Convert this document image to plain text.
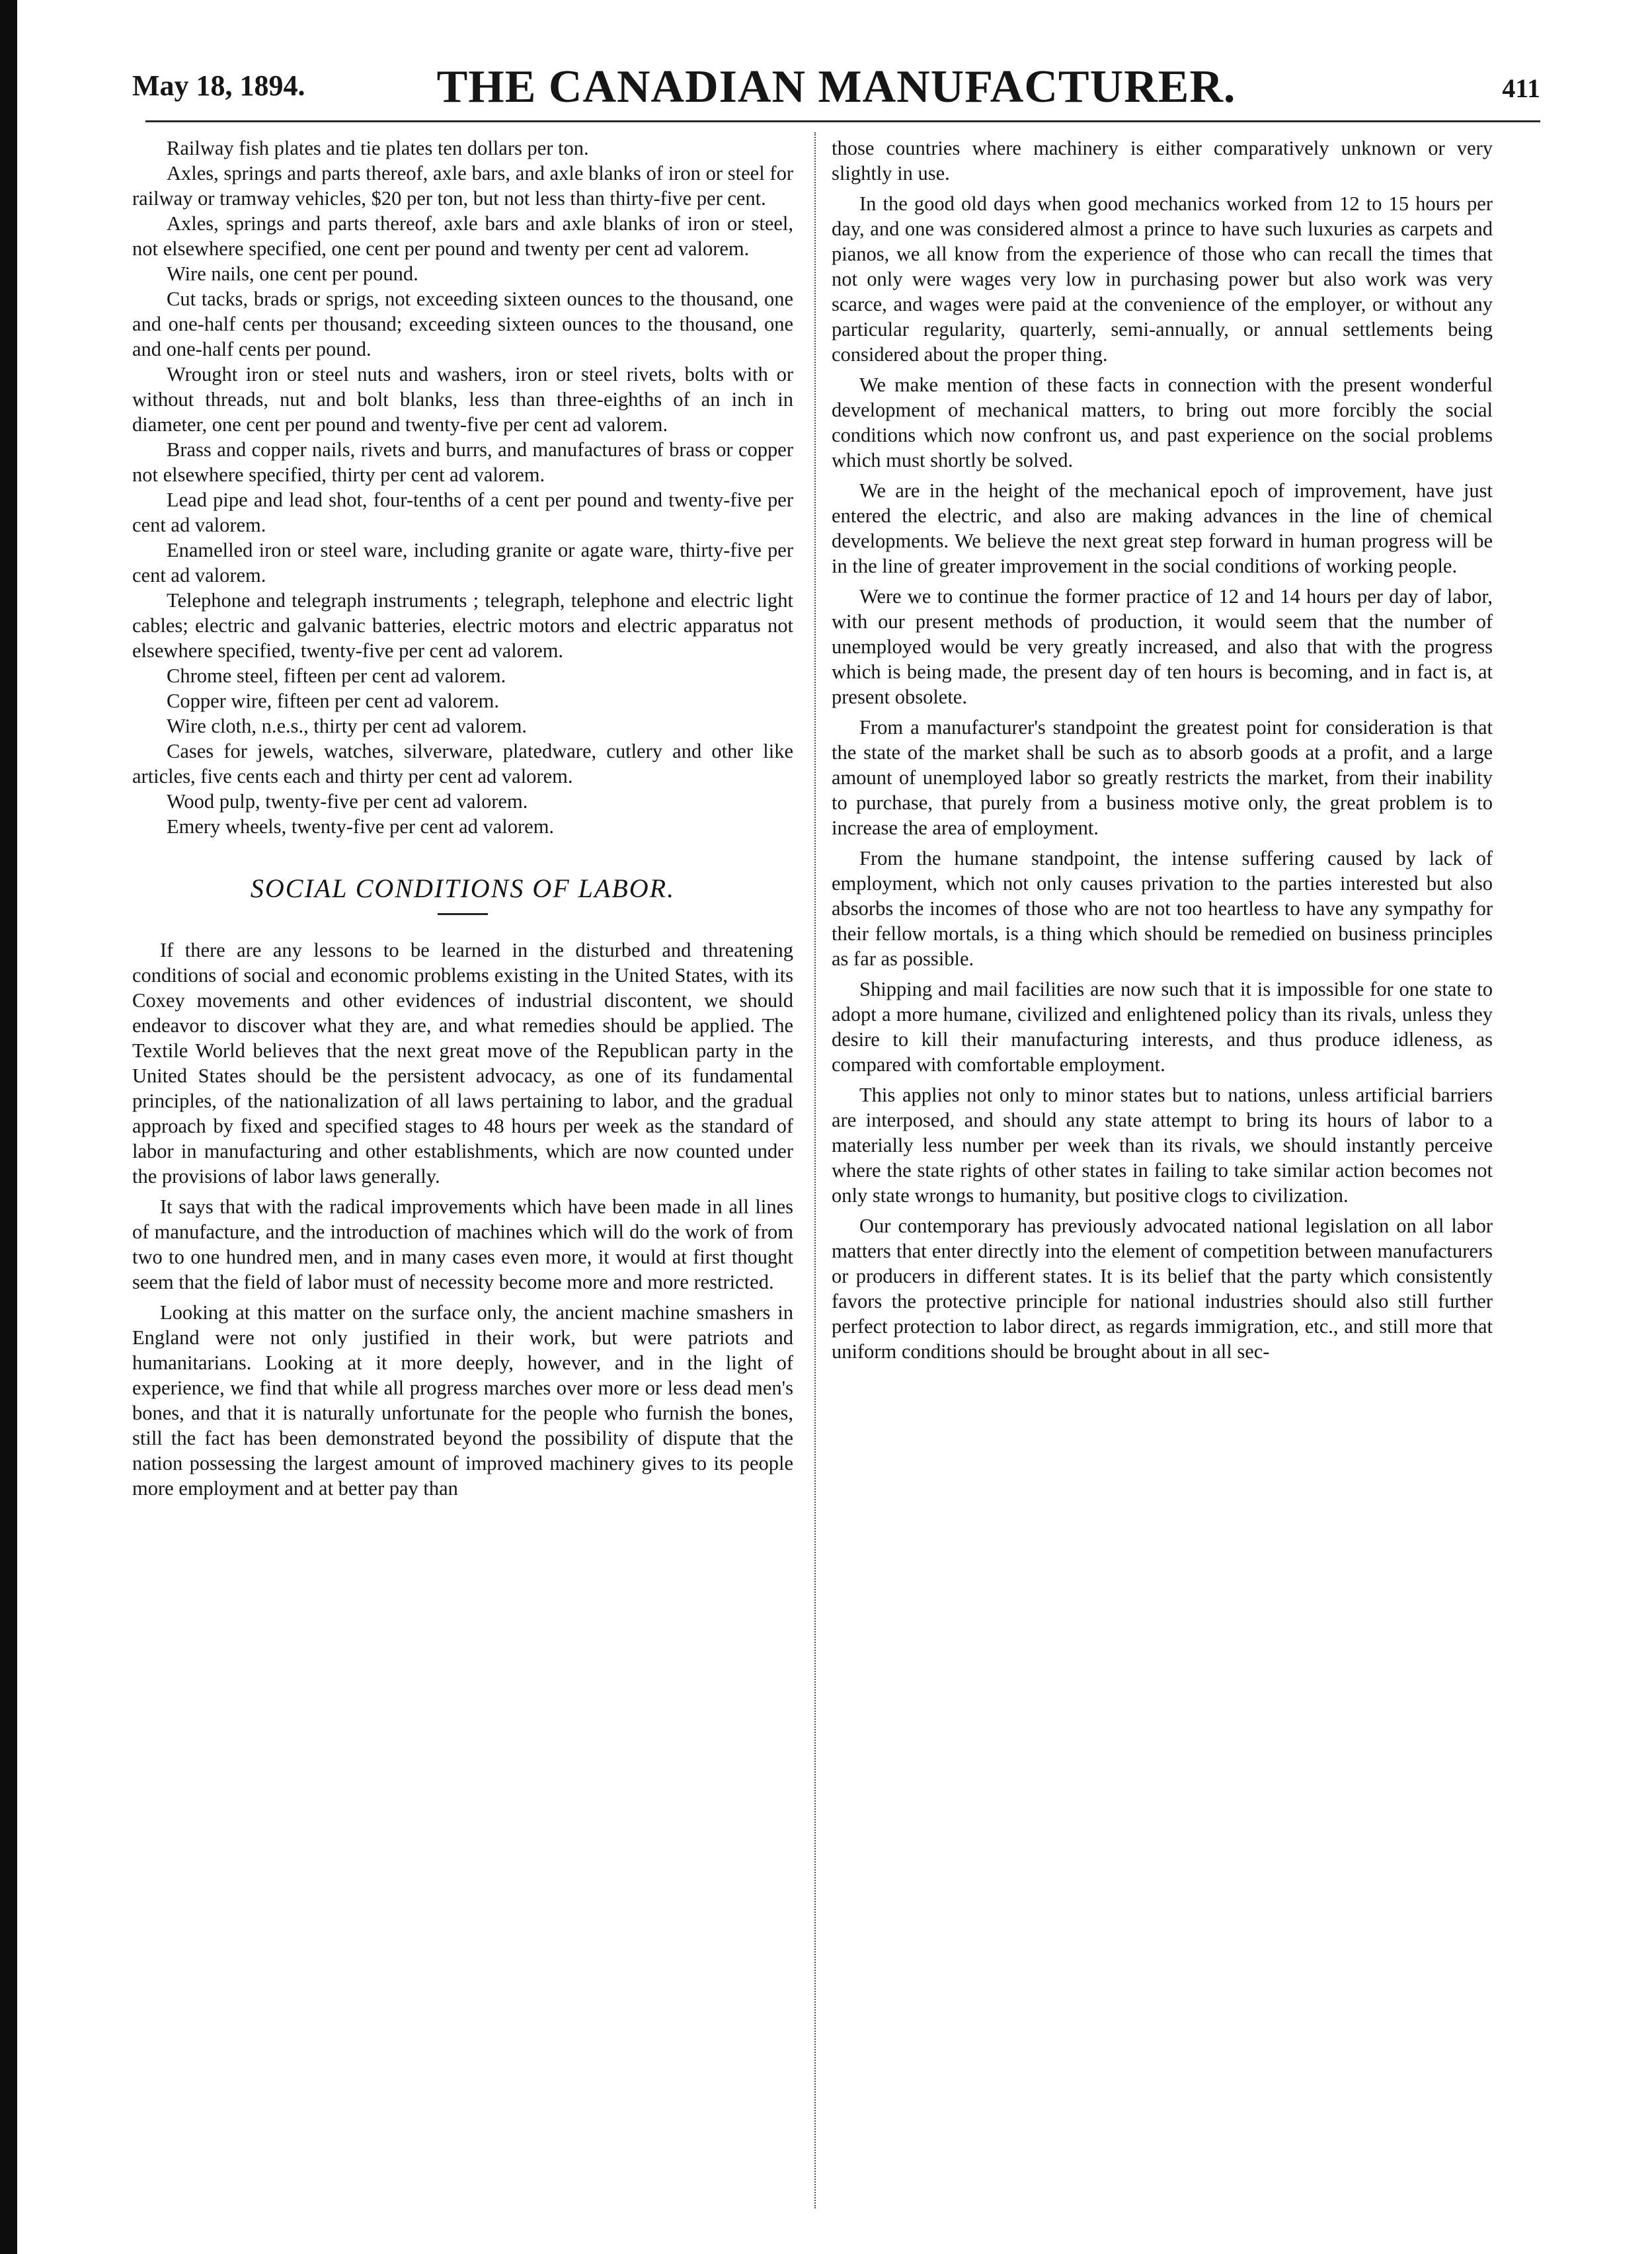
May 18, 1894.	THE CANADIAN MANUFACTURER.	411

Railway fish plates and tie plates ten dollars per ton.

Axles, springs and parts thereof, axle bars, and axle blanks of iron or steel for railway or tramway vehicles, $20 per ton, but not less than thirty-five per cent.

Axles, springs and parts thereof, axle bars and axle blanks of iron or steel, not elsewhere specified, one cent per pound and twenty per cent ad valorem.

Wire nails, one cent per pound.

Cut tacks, brads or sprigs, not exceeding sixteen ounces to the thousand, one and one-half cents per thousand; exceeding sixteen ounces to the thousand, one and one-half cents per pound.

Wrought iron or steel nuts and washers, iron or steel rivets, bolts with or without threads, nut and bolt blanks, less than three-eighths of an inch in diameter, one cent per pound and twenty-five per cent ad valorem.

Brass and copper nails, rivets and burrs, and manufactures of brass or copper not elsewhere specified, thirty per cent ad valorem.

Lead pipe and lead shot, four-tenths of a cent per pound and twenty-five per cent ad valorem.

Enamelled iron or steel ware, including granite or agate ware, thirty-five per cent ad valorem.

Telephone and telegraph instruments ; telegraph, telephone and electric light cables; electric and galvanic batteries, electric motors and electric apparatus not elsewhere specified, twenty-five per cent ad valorem.

Chrome steel, fifteen per cent ad valorem.

Copper wire, fifteen per cent ad valorem.

Wire cloth, n.e.s., thirty per cent ad valorem.

Cases for jewels, watches, silverware, platedware, cutlery and other like articles, five cents each and thirty per cent ad valorem.

Wood pulp, twenty-five per cent ad valorem.

Emery wheels, twenty-five per cent ad valorem.

SOCIAL CONDITIONS OF LABOR.

If there are any lessons to be learned in the disturbed and threatening conditions of social and economic problems existing in the United States, with its Coxey movements and other evidences of industrial discontent, we should endeavor to discover what they are, and what remedies should be applied. The Textile World believes that the next great move of the Republican party in the United States should be the persistent advocacy, as one of its fundamental principles, of the nationalization of all laws pertaining to labor, and the gradual approach by fixed and specified stages to 48 hours per week as the standard of labor in manufacturing and other establishments, which are now counted under the provisions of labor laws generally.

It says that with the radical improvements which have been made in all lines of manufacture, and the introduction of machines which will do the work of from two to one hundred men, and in many cases even more, it would at first thought seem that the field of labor must of necessity become more and more restricted.

Looking at this matter on the surface only, the ancient machine smashers in England were not only justified in their work, but were patriots and humanitarians. Looking at it more deeply, however, and in the light of experience, we find that while all progress marches over more or less dead men's bones, and that it is naturally unfortunate for the people who furnish the bones, still the fact has been demonstrated beyond the possibility of dispute that the nation possessing the largest amount of improved machinery gives to its people more employment and at better pay than

those countries where machinery is either comparatively unknown or very slightly in use.

In the good old days when good mechanics worked from 12 to 15 hours per day, and one was considered almost a prince to have such luxuries as carpets and pianos, we all know from the experience of those who can recall the times that not only were wages very low in purchasing power but also work was very scarce, and wages were paid at the convenience of the employer, or without any particular regularity, quarterly, semi-annually, or annual settlements being considered about the proper thing.

We make mention of these facts in connection with the present wonderful development of mechanical matters, to bring out more forcibly the social conditions which now confront us, and past experience on the social problems which must shortly be solved.

We are in the height of the mechanical epoch of improvement, have just entered the electric, and also are making advances in the line of chemical developments. We believe the next great step forward in human progress will be in the line of greater improvement in the social conditions of working people.

Were we to continue the former practice of 12 and 14 hours per day of labor, with our present methods of production, it would seem that the number of unemployed would be very greatly increased, and also that with the progress which is being made, the present day of ten hours is becoming, and in fact is, at present obsolete.

From a manufacturer's standpoint the greatest point for consideration is that the state of the market shall be such as to absorb goods at a profit, and a large amount of unemployed labor so greatly restricts the market, from their inability to purchase, that purely from a business motive only, the great problem is to increase the area of employment.

From the humane standpoint, the intense suffering caused by lack of employment, which not only causes privation to the parties interested but also absorbs the incomes of those who are not too heartless to have any sympathy for their fellow mortals, is a thing which should be remedied on business principles as far as possible.

Shipping and mail facilities are now such that it is impossible for one state to adopt a more humane, civilized and enlightened policy than its rivals, unless they desire to kill their manufacturing interests, and thus produce idleness, as compared with comfortable employment.

This applies not only to minor states but to nations, unless artificial barriers are interposed, and should any state attempt to bring its hours of labor to a materially less number per week than its rivals, we should instantly perceive where the state rights of other states in failing to take similar action becomes not only state wrongs to humanity, but positive clogs to civilization.

Our contemporary has previously advocated national legislation on all labor matters that enter directly into the element of competition between manufacturers or producers in different states. It is its belief that the party which consistently favors the protective principle for national industries should also still further perfect protection to labor direct, as regards immigration, etc., and still more that uniform conditions should be brought about in all sec-
